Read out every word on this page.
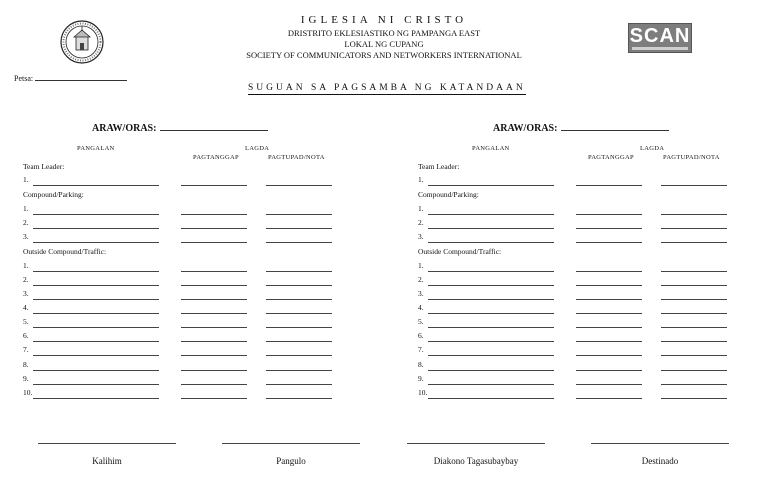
IGLESIA NI CRISTO
DRISTRITO EKLESIASTIKO NG PAMPANGA EAST
LOKAL NG CUPANG
SOCIETY OF COMMUNICATORS AND NETWORKERS INTERNATIONAL
SCAN
Petsa:
SUGUAN SA PAGSAMBA NG KATANDAAN
ARAW/ORAS:
PANGALAN	LAGDA
PAGTANGGAP	PAGTUPAD/NOTA
Team Leader:
1.
Compound/Parking:
1.
2.
3.
Outside Compound/Traffic:
1.
2.
3.
4.
5.
6.
7.
8.
9.
10.
ARAW/ORAS:
PANGALAN	LAGDA
PAGTANGGAP	PAGTUPAD/NOTA
Team Leader:
1.
Compound/Parking:
1.
2.
3.
Outside Compound/Traffic:
1.
2.
3.
4.
5.
6.
7.
8.
9.
10.
Kalihim	Pangulo	Diakono Tagasubaybay	Destinado
